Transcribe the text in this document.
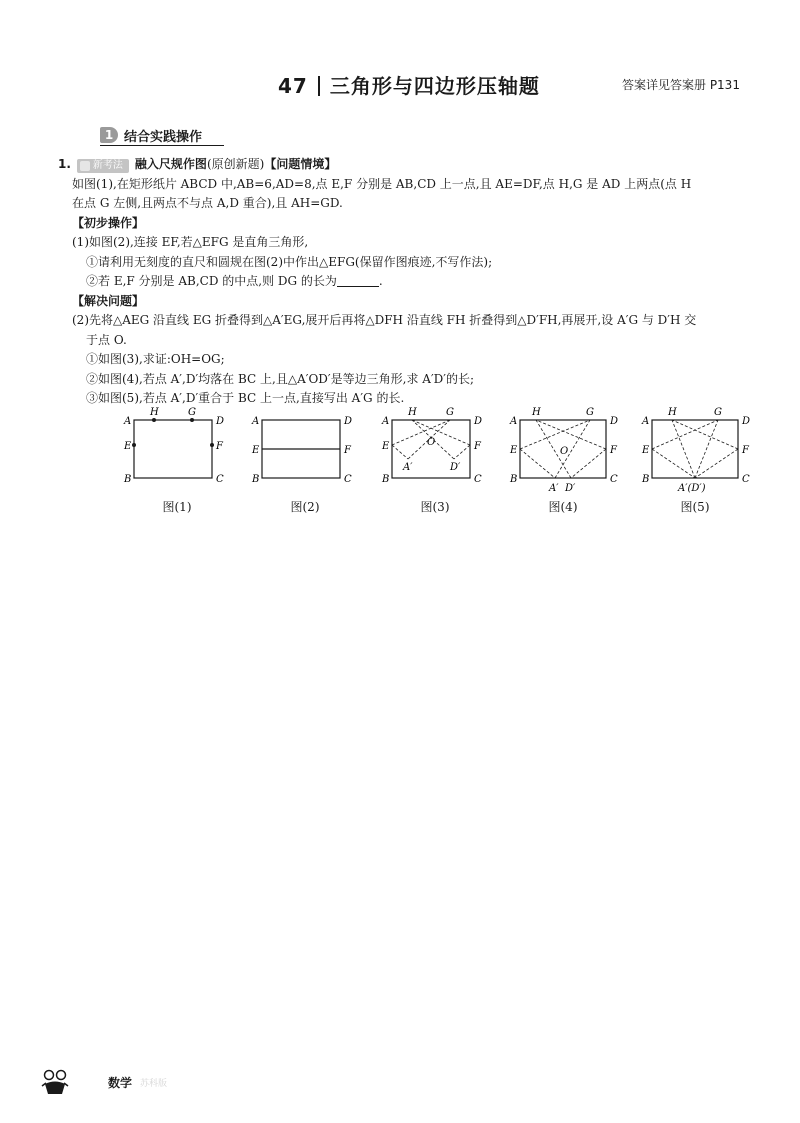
47 三角形与四边形压轴题	答案详见答案册 P131
1 结合实践操作
1. 新考法 融入尺规作图(原创新题)【问题情境】
如图(1),在矩形纸片 ABCD 中,AB=6,AD=8,点 E,F 分别是 AB,CD 上一点,且 AE=DF,点 H,G 是 AD 上两点(点 H
在点 G 左侧,且两点不与点 A,D 重合),且 AH=GD.
【初步操作】
(1)如图(2),连接 EF,若△EFG 是直角三角形,
①请利用无刻度的直尺和圆规在图(2)中作出△EFG(保留作图痕迹,不写作法);
②若 E,F 分别是 AB,CD 的中点,则 DG 的长为	.
【解决问题】
(2)先将△AEG 沿直线 EG 折叠得到△A′EG,展开后再将△DFH 沿直线 FH 折叠得到△D′FH,再展开,设 A′G 与 D′H 交
于点 O.
①如图(3),求证:OH=OG;
②如图(4),若点 A′,D′均落在 BC 上,且△A′OD′是等边三角形,求 A′D′的长;
③如图(5),若点 A′,D′重合于 BC 上一点,直接写出 A′G 的长.
A
H	G
D
E	F
B	C
图(1)
A	D
E	F
B	C
图(2)
A
H	G
D
E	F
O
A′	D′
B	C
图(3)
A
H	G
D
E	F
O
A′ D′
B	C
图(4)
A
H	G
D
E	F
A′(D′)
B	C
图(5)
数学 苏科版
